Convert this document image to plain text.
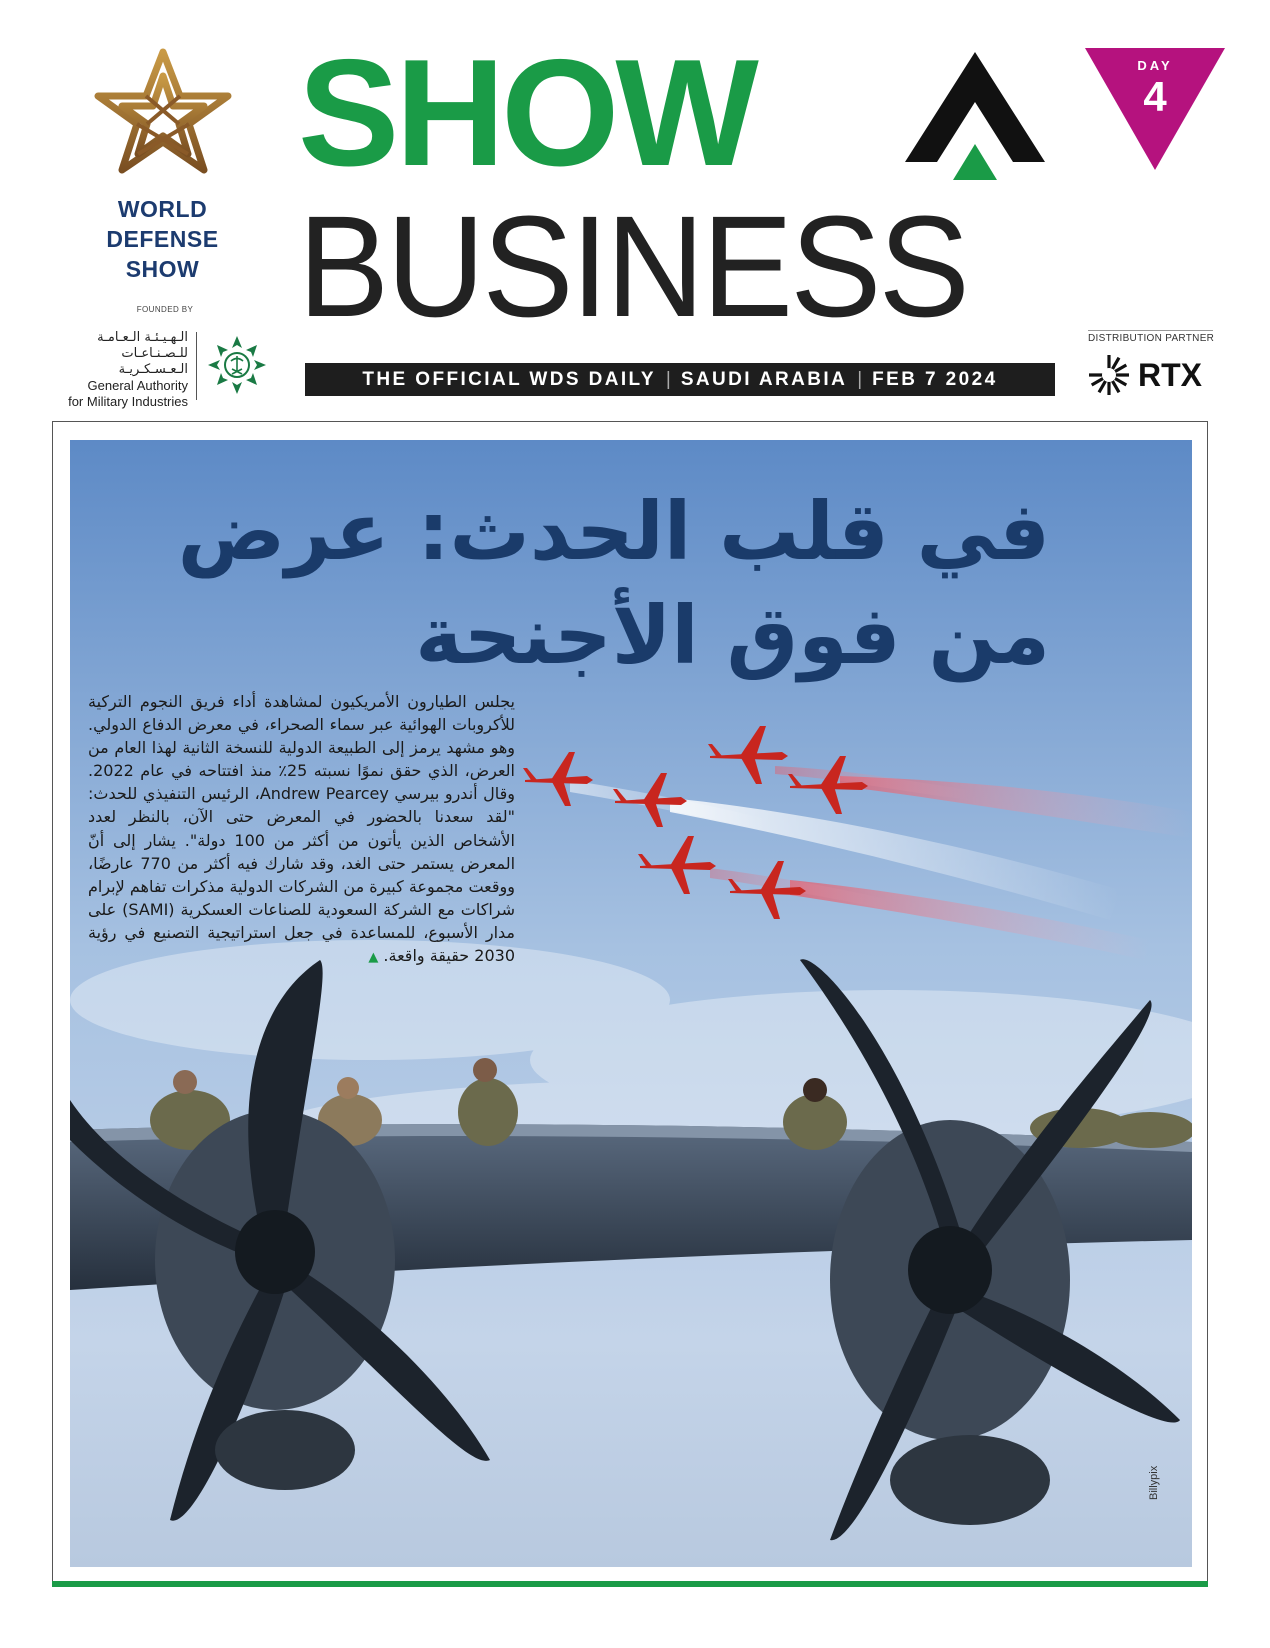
WORLD
DEFENSE
SHOW
FOUNDED BY
الـهـيـئـة الـعـامـة
للـصـنـاعـات الـعـسـكـريـة
General Authority
for Military Industries
SHOW
BUSINESS
THE OFFICIAL WDS DAILY | SAUDI ARABIA | FEB 7 2024
DAY
4
DISTRIBUTION PARTNER
RTX
في قلب الحدث: عرض
من فوق الأجنحة
يجلس الطيارون الأمريكيون لمشاهدة أداء فريق النجوم التركية للأكروبات الهوائية عبر سماء الصحراء، في معرض الدفاع الدولي. وهو مشهد يرمز إلى الطبيعة الدولية للنسخة الثانية لهذا العام من العرض، الذي حقق نموًا نسبته 25٪ منذ افتتاحه في عام 2022. وقال أندرو بيرسي Andrew Pearcey، الرئيس التنفيذي للحدث: "لقد سعدنا بالحضور في المعرض حتى الآن، بالنظر لعدد الأشخاص الذين يأتون من أكثر من 100 دولة". يشار إلى أنّ المعرض يستمر حتى الغد، وقد شارك فيه أكثر من 770 عارضًا، ووقعت مجموعة كبيرة من الشركات الدولية مذكرات تفاهم لإبرام شراكات مع الشركة السعودية للصناعات العسكرية (SAMI) على مدار الأسبوع، للمساعدة في جعل استراتيجية التصنيع في رؤية 2030 حقيقة واقعة. ▲
Billypix
